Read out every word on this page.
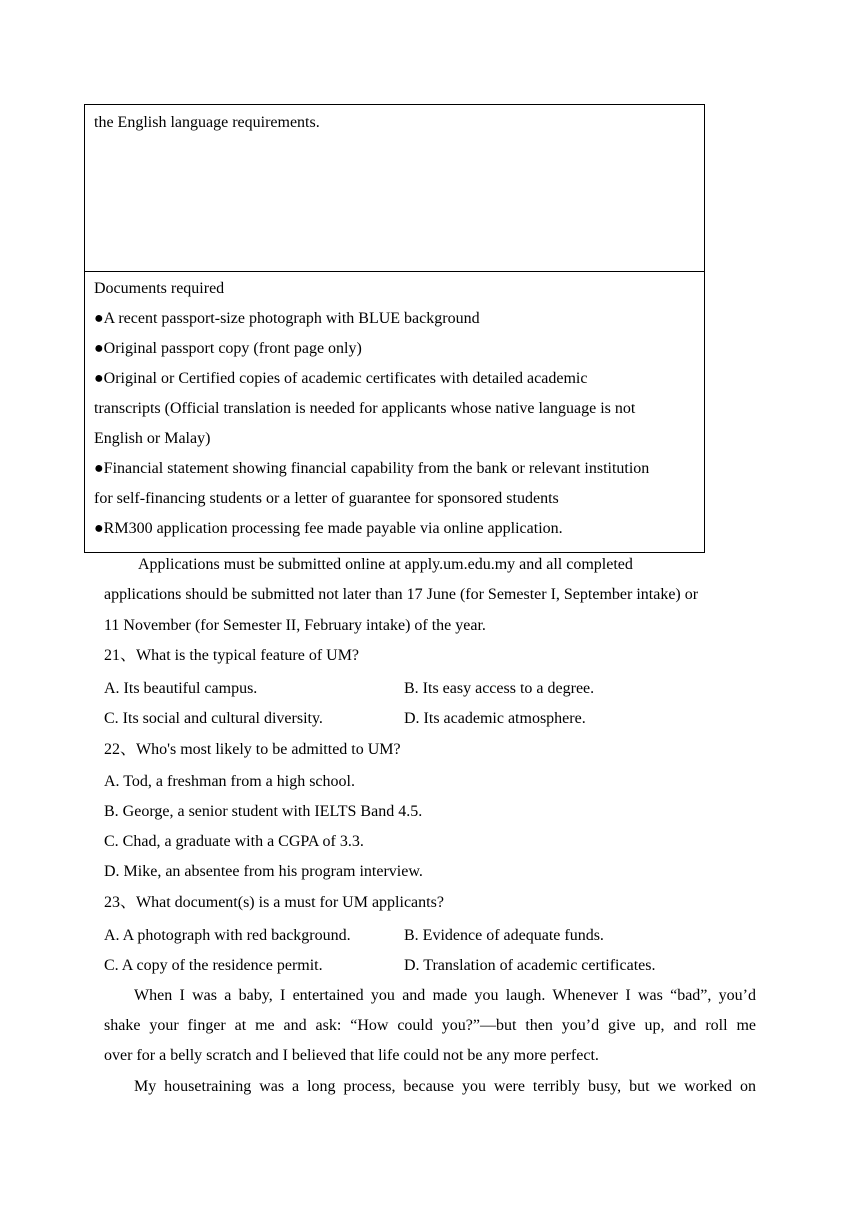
the English language requirements.
Documents required
●A recent passport-size photograph with BLUE background
●Original passport copy (front page only)
●Original or Certified copies of academic certificates with detailed academic
transcripts (Official translation is needed for applicants whose native language is not
English or Malay)
●Financial statement showing financial capability from the bank or relevant institution
for self-financing students or a letter of guarantee for sponsored students
●RM300 application processing fee made payable via online application.
Applications must be submitted online at apply.um.edu.my and all completed
applications should be submitted not later than 17 June (for Semester I, September intake) or
11 November (for Semester II, February intake) of the year.
21、What is the typical feature of UM?
A. Its beautiful campus.	B. Its easy access to a degree.
C. Its social and cultural diversity.	D. Its academic atmosphere.
22、Who's most likely to be admitted to UM?
A. Tod, a freshman from a high school.
B. George, a senior student with IELTS Band 4.5.
C. Chad, a graduate with a CGPA of 3.3.
D. Mike, an absentee from his program interview.
23、What document(s) is a must for UM applicants?
A. A photograph with red background.	B. Evidence of adequate funds.
C. A copy of the residence permit.	D. Translation of academic certificates.
When I was a baby, I entertained you and made you laugh. Whenever I was “bad”, you’d
shake your finger at me and ask: “How could you?”—but then you’d give up, and roll me
over for a belly scratch and I believed that life could not be any more perfect.
My housetraining was a long process, because you were terribly busy, but we worked on
